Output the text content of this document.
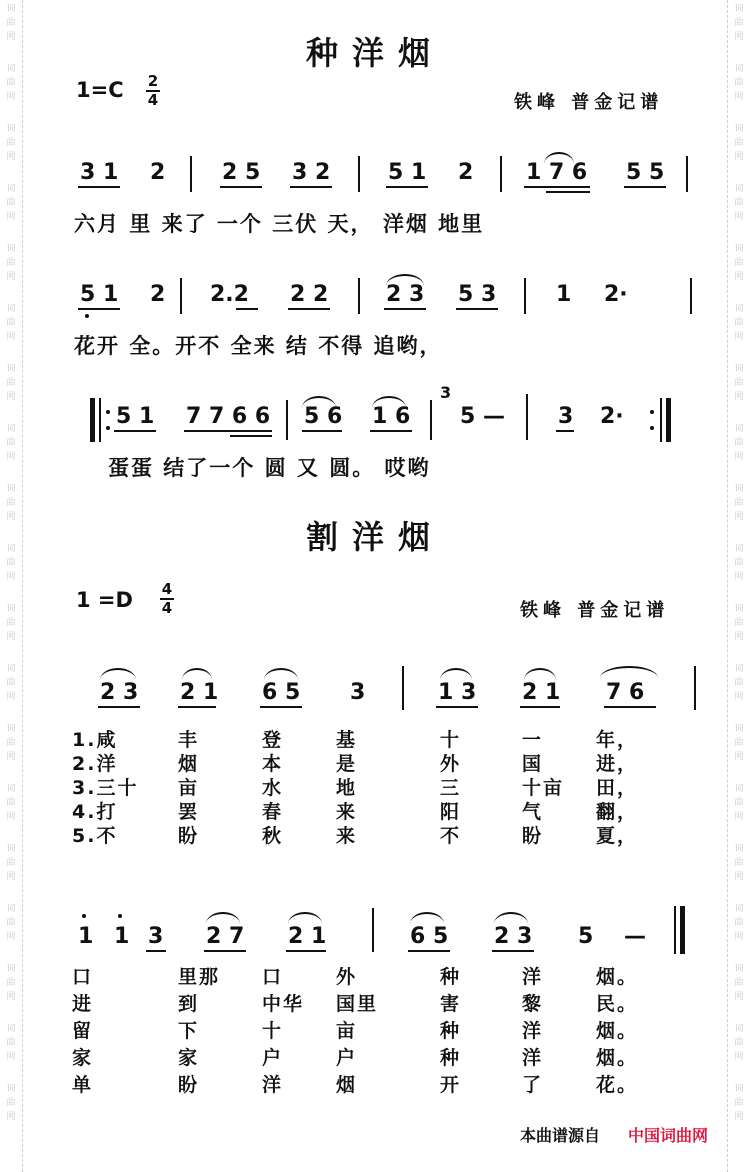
词
曲
网
词
曲
网
词
曲
网
词
曲
网
词
曲
网
词
曲
网
词
曲
网
词
曲
网
词
曲
网
词
曲
网
词
曲
网
词
曲
网
词
曲
网
词
曲
网
词
曲
网
词
曲
网
词
曲
网
词
曲
网
词
曲
网
词
曲
网
词
曲
网
词
曲
网
词
曲
网
词
曲
网
词
曲
网
词
曲
网
词
曲
网
词
曲
网
词
曲
网
词
曲
网
词
曲
网
词
曲
网
词
曲
网
词
曲
网
词
曲
网
词
曲
网
词
曲
网
词
曲
网
种洋烟
1=C 2
4	铁峰 普金记谱
3 1 2	2 5 3 2	5 1 2 1 7 6 5 5
六月 里 来了 一个 三伏 天， 洋烟 地里
5 1 2 2.2 2 2	2 3 5 3	1 2·
花开 全。开不 全来 结 不得 追哟，
5 1 7 7 6 6 5 6 1 6
3
5 — 3 2·
蛋蛋 结了一个 圆 又 圆。 哎哟
割洋烟
1 =D 4
4	铁峰 普金记谱
2 3 2 1 6 5 3	1 3 2 1 7 6
1.咸	丰	登	基	十	一	年，
2.洋	烟	本	是	外	国	进，
3.三十 亩	水	地	三	十亩 田，
4.打	罢	春	来	阳	气	翻，
5.不	盼	秋	来	不	盼	夏，
1 1 3 2 7 2 1	6 5 2 3 5 —
口	里那 口	外	种	洋	烟。
进	到	中华 国里	害	黎	民。
留	下	十	亩	种	洋	烟。
家	家	户	户	种	洋	烟。
单	盼	洋	烟	开	了	花。
本曲谱源自 中国词曲网
